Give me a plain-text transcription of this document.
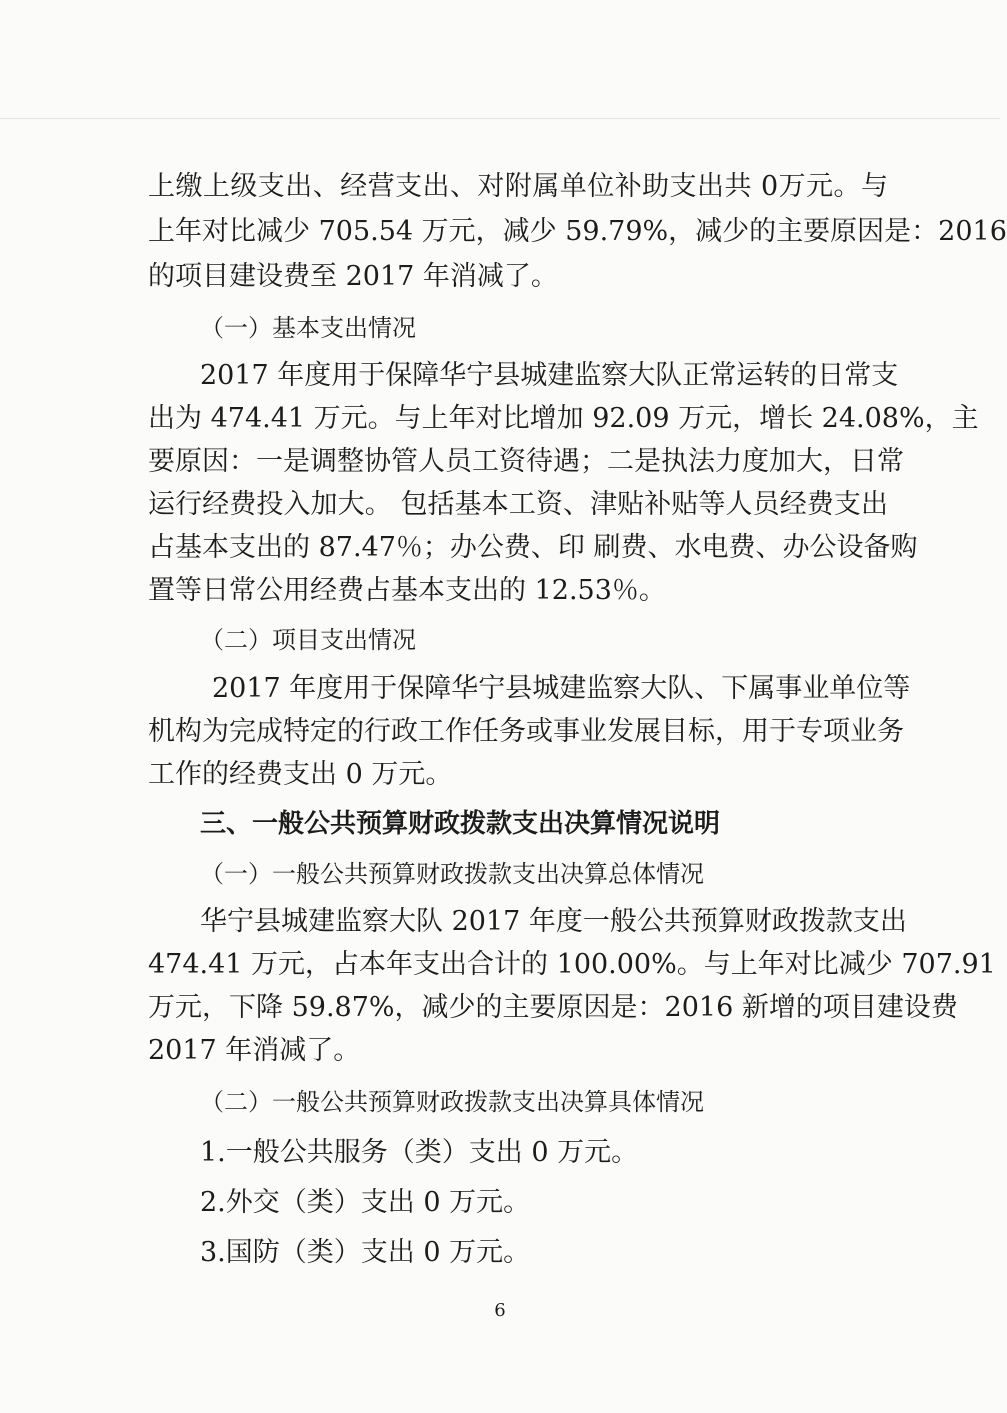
上缴上级支出、经营支出、对附属单位补助支出共 0万元。与
上年对比减少 705.54 万元，减少 59.79%，减少的主要原因是：2016
的项目建设费至 2017 年消减了。
（一）基本支出情况
2017 年度用于保障华宁县城建监察大队正常运转的日常支
出为 474.41 万元。与上年对比增加 92.09 万元，增长 24.08%，主
要原因：一是调整协管人员工资待遇；二是执法力度加大，日常
运行经费投入加大。 包括基本工资、津贴补贴等人员经费支出
占基本支出的 87.47％；办公费、印 刷费、水电费、办公设备购
置等日常公用经费占基本支出的 12.53％。
（二）项目支出情况
2017 年度用于保障华宁县城建监察大队、下属事业单位等
机构为完成特定的行政工作任务或事业发展目标，用于专项业务
工作的经费支出 0 万元。
三、一般公共预算财政拨款支出决算情况说明
（一）一般公共预算财政拨款支出决算总体情况
华宁县城建监察大队 2017 年度一般公共预算财政拨款支出
474.41 万元，占本年支出合计的 100.00%。与上年对比减少 707.91
万元，下降 59.87%，减少的主要原因是：2016 新增的项目建设费
2017 年消减了。
（二）一般公共预算财政拨款支出决算具体情况
1.一般公共服务（类）支出 0 万元。
2.外交（类）支出 0 万元。
3.国防（类）支出 0 万元。
6
